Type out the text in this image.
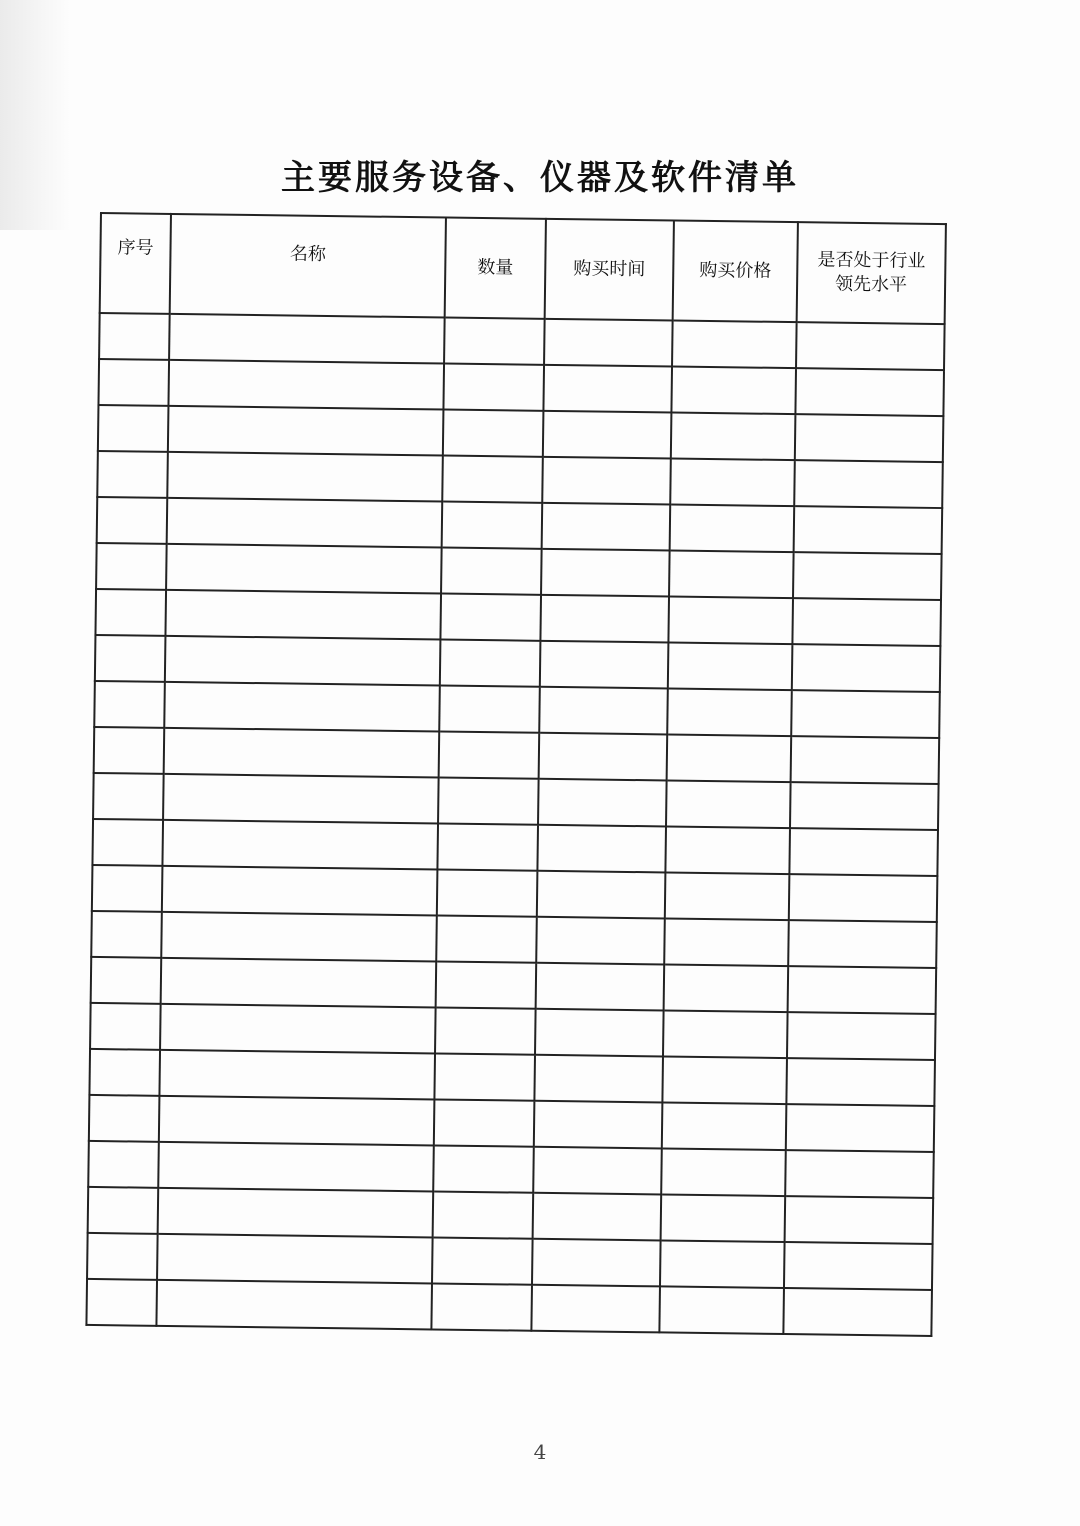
主要服务设备、仪器及软件清单
序号	名称	数量	购买时间	购买价格	是否处于行业
领先水平

4
